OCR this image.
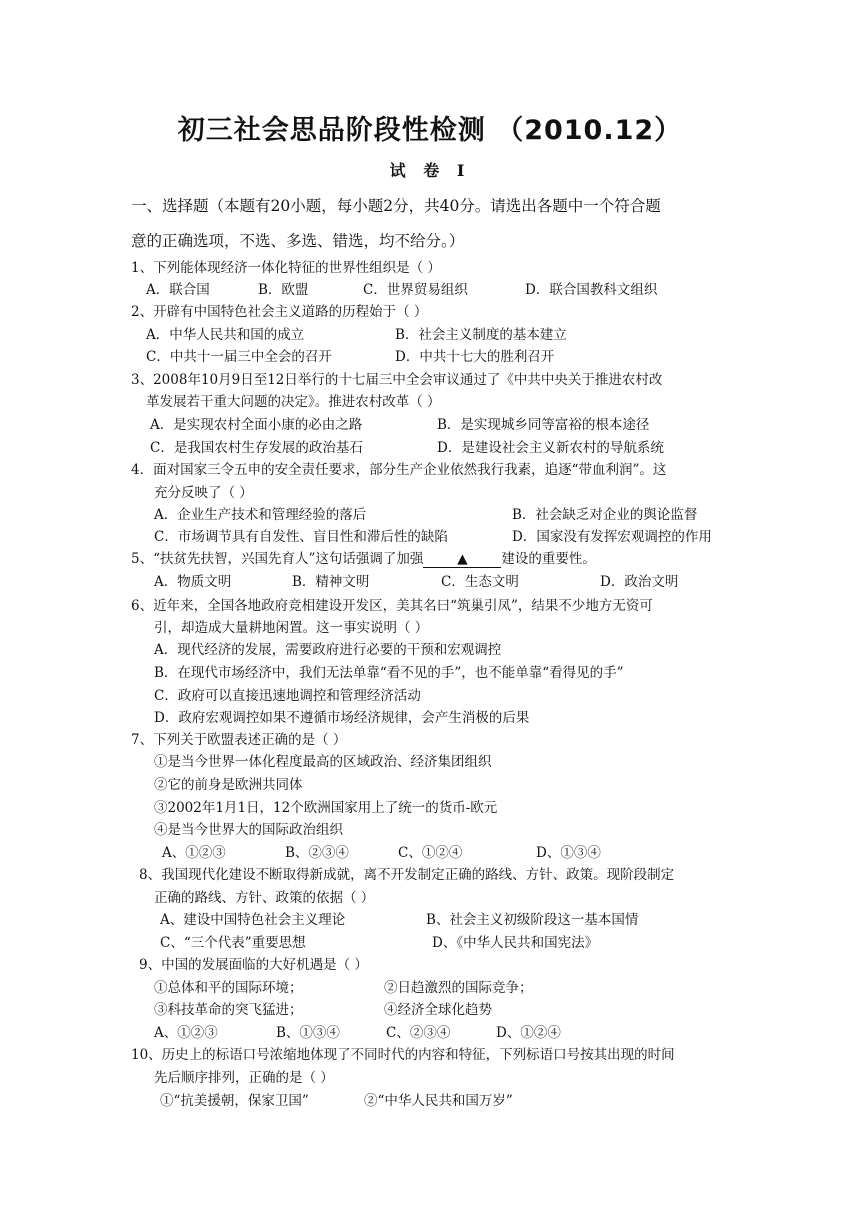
初三社会思品阶段性检测 （2010.12）
试 卷 Ⅰ
一、选择题（本题有20小题，每小题2分，共40分。请选出各题中一个符合题
意的正确选项，不选、多选、错选，均不给分。）
1、下列能体现经济一体化特征的世界性组织是（ ）
A．联合国	B．欧盟	C．世界贸易组织	D．联合国教科文组织
2、开辟有中国特色社会主义道路的历程始于（ ）
A．中华人民共和国的成立	B．社会主义制度的基本建立
C．中共十一届三中全会的召开	D．中共十七大的胜利召开
3、2008年10月9日至12日举行的十七届三中全会审议通过了《中共中央关于推进农村改
革发展若干重大问题的决定》。推进农村改革（ ）
A．是实现农村全面小康的必由之路	B．是实现城乡同等富裕的根本途径
C．是我国农村生存发展的政治基石	D．是建设社会主义新农村的导航系统
4．面对国家三令五申的安全责任要求，部分生产企业依然我行我素，追逐“带血利润”。这
充分反映了（ ）
A．企业生产技术和管理经验的落后	B．社会缺乏对企业的舆论监督
C．市场调节具有自发性、盲目性和滞后性的缺陷	D．国家没有发挥宏观调控的作用
5、“扶贫先扶智，兴国先育人”这句话强调了加强	▲	建设的重要性。
A．物质文明	B．精神文明	C．生态文明	D．政治文明
6、近年来，全国各地政府竞相建设开发区，美其名曰“筑巢引凤”，结果不少地方无资可
引，却造成大量耕地闲置。这一事实说明（ ）
A．现代经济的发展，需要政府进行必要的干预和宏观调控
B．在现代市场经济中，我们无法单靠“看不见的手”，也不能单靠“看得见的手”
C．政府可以直接迅速地调控和管理经济活动
D．政府宏观调控如果不遵循市场经济规律，会产生消极的后果
7、下列关于欧盟表述正确的是（ ）
①是当今世界一体化程度最高的区域政治、经济集团组织
②它的前身是欧洲共同体
③2002年1月1日，12个欧洲国家用上了统一的货币-欧元
④是当今世界大的国际政治组织
A、①②③	B、②③④	C、①②④	D、①③④
8、我国现代化建设不断取得新成就，离不开发制定正确的路线、方针、政策。现阶段制定
正确的路线、方针、政策的依据（ ）
A、建设中国特色社会主义理论	B、社会主义初级阶段这一基本国情
C、“三个代表”重要思想	D、《中华人民共和国宪法》
9、中国的发展面临的大好机遇是（ ）
①总体和平的国际环境；	②日趋激烈的国际竞争；
③科技革命的突飞猛进；	④经济全球化趋势
A、①②③	B、①③④	C、②③④	D、①②④
10、历史上的标语口号浓缩地体现了不同时代的内容和特征，下列标语口号按其出现的时间
先后顺序排列，正确的是（ ）
①“抗美援朝，保家卫国”	②“中华人民共和国万岁”
